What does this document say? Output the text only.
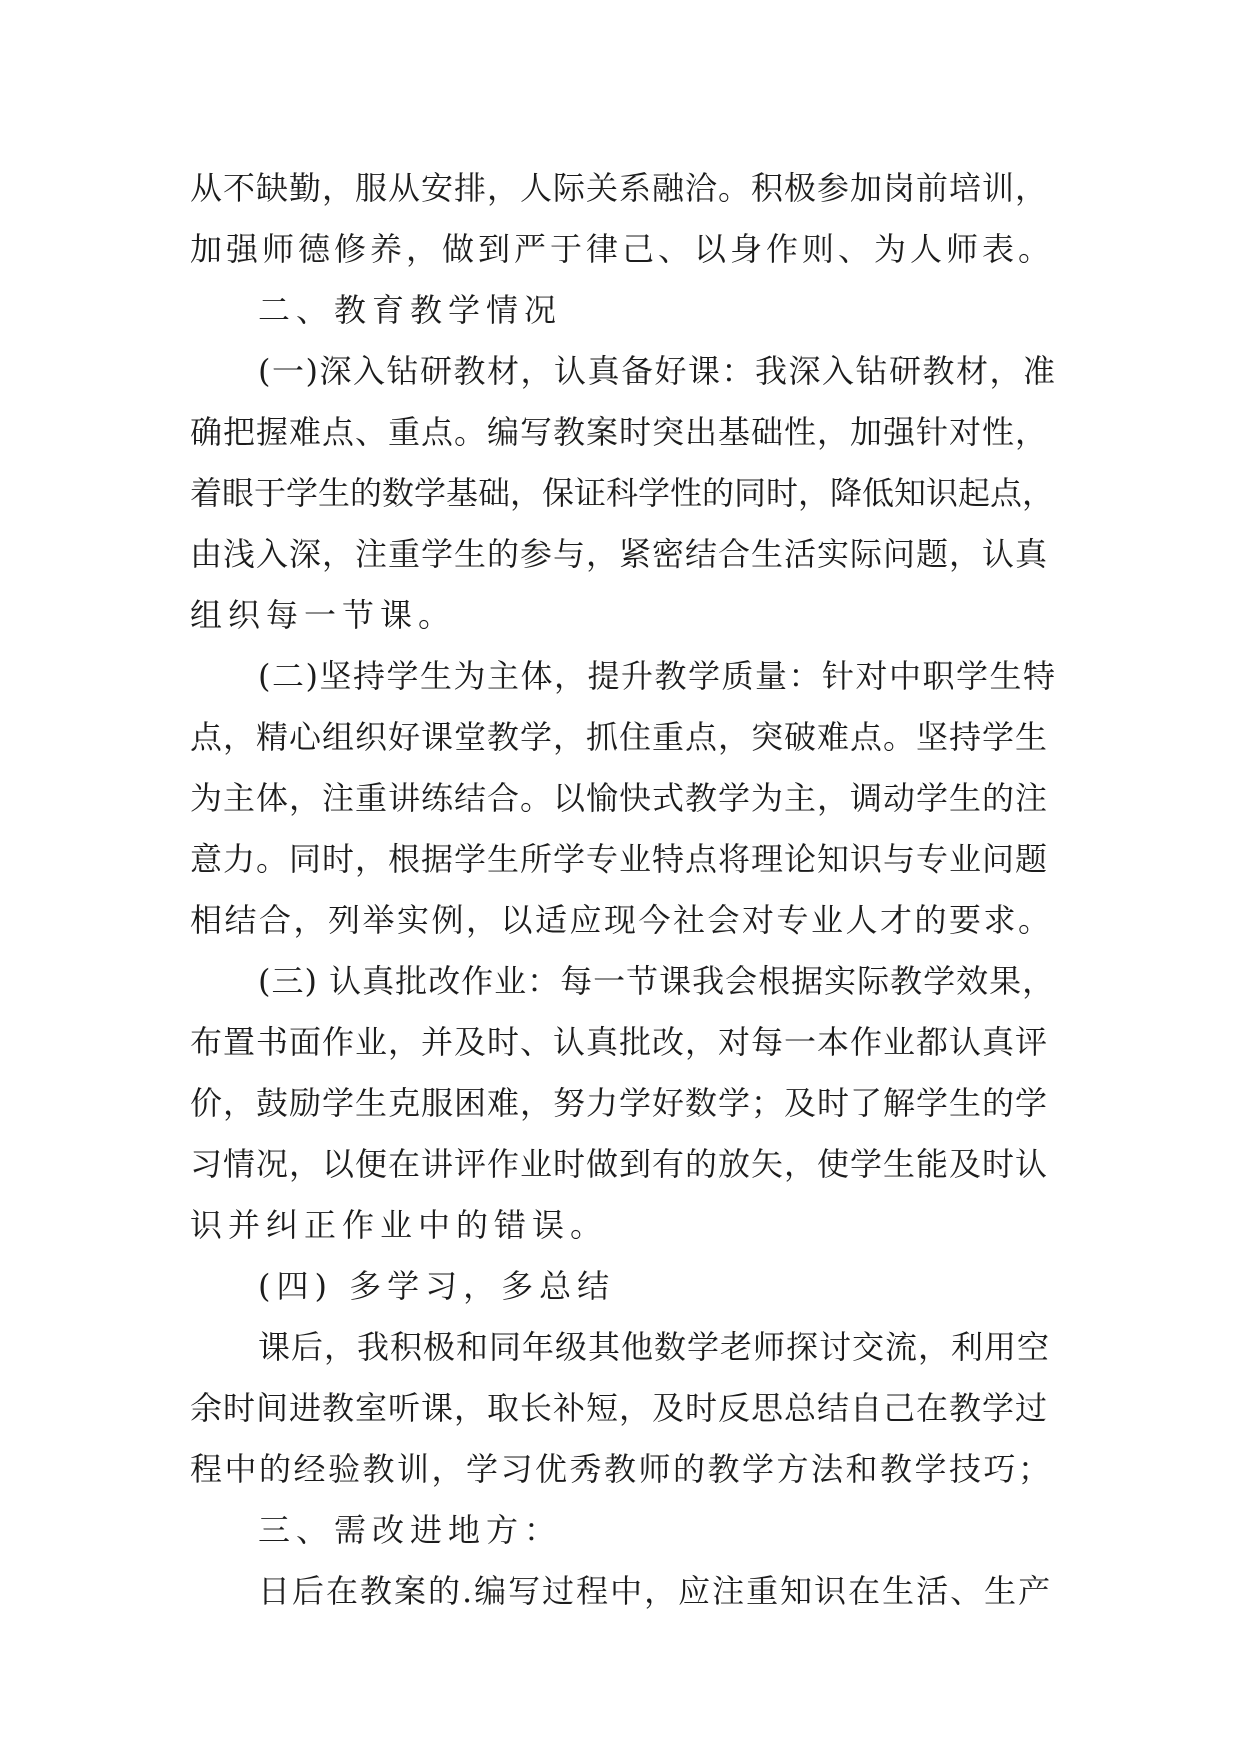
从不缺勤，服从安排，人际关系融洽。积极参加岗前培训，
加强师德修养，做到严于律己、以身作则、为人师表。
二、教育教学情况
(一)深入钻研教材，认真备好课：我深入钻研教材，准
确把握难点、重点。编写教案时突出基础性，加强针对性，
着眼于学生的数学基础，保证科学性的同时，降低知识起点，
由浅入深，注重学生的参与，紧密结合生活实际问题，认真
组织每一节课。
(二)坚持学生为主体，提升教学质量：针对中职学生特
点，精心组织好课堂教学，抓住重点，突破难点。坚持学生
为主体，注重讲练结合。以愉快式教学为主，调动学生的注
意力。同时，根据学生所学专业特点将理论知识与专业问题
相结合，列举实例，以适应现今社会对专业人才的要求。
(三) 认真批改作业：每一节课我会根据实际教学效果，
布置书面作业，并及时、认真批改，对每一本作业都认真评
价，鼓励学生克服困难，努力学好数学；及时了解学生的学
习情况，以便在讲评作业时做到有的放矢，使学生能及时认
识并纠正作业中的错误。
(四) 多学习，多总结
课后，我积极和同年级其他数学老师探讨交流，利用空
余时间进教室听课，取长补短，及时反思总结自己在教学过
程中的经验教训，学习优秀教师的教学方法和教学技巧；
三、需改进地方：
日后在教案的.编写过程中，应注重知识在生活、生产
